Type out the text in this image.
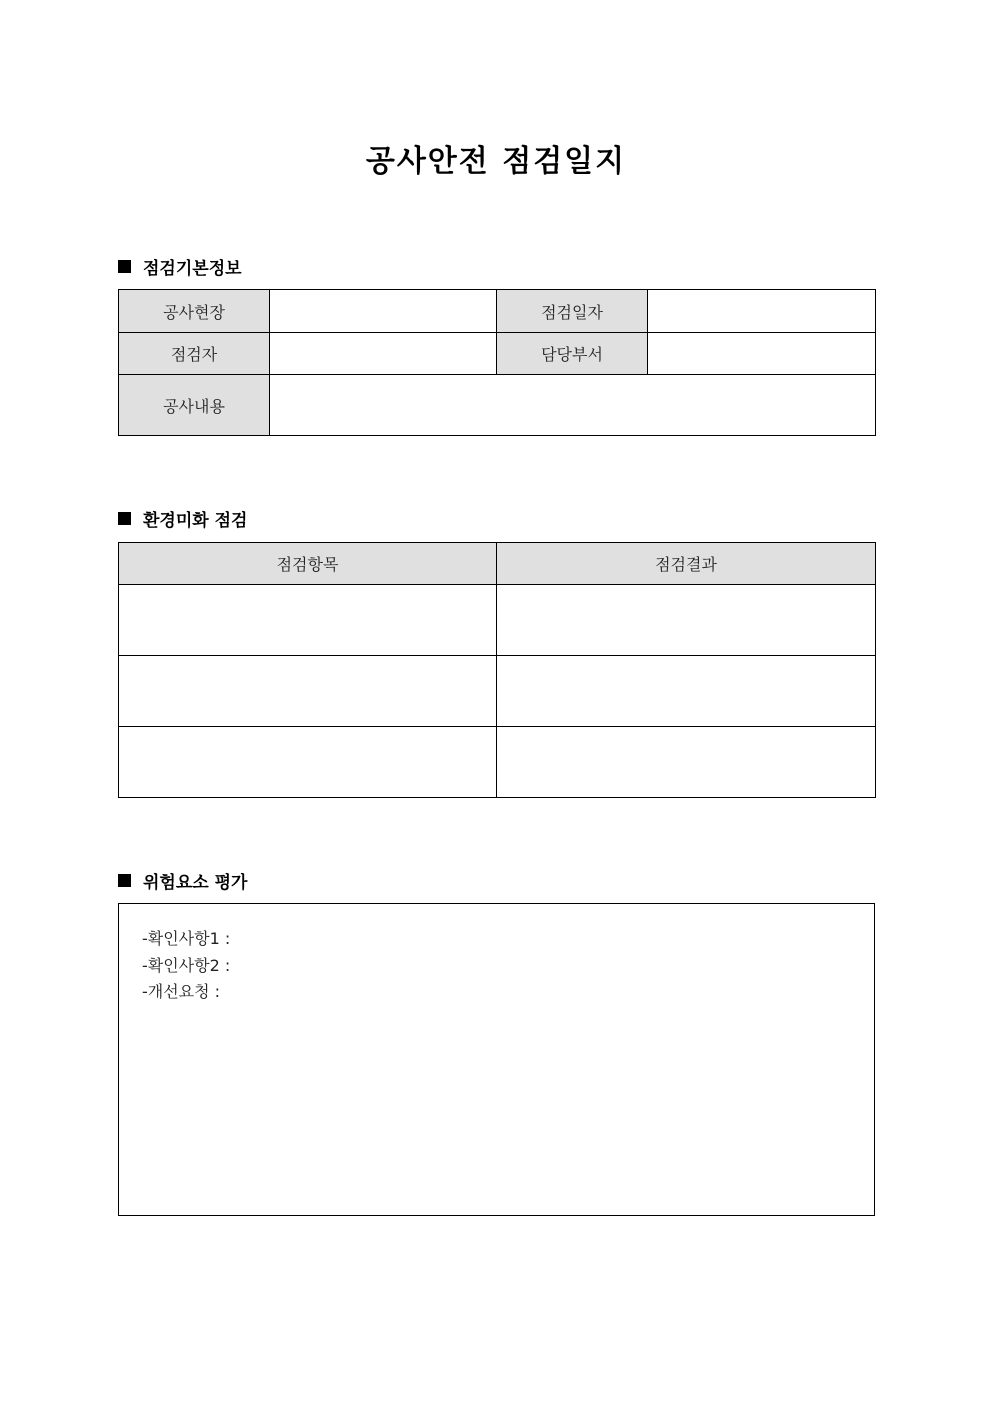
공사안전 점검일지
점검기본정보
공사현장		점검일자	
점검자		담당부서	
공사내용			
환경미화 점검
점검항목	점검결과

위험요소 평가
-확인사항1 :
-확인사항2 :
-개선요청 :
